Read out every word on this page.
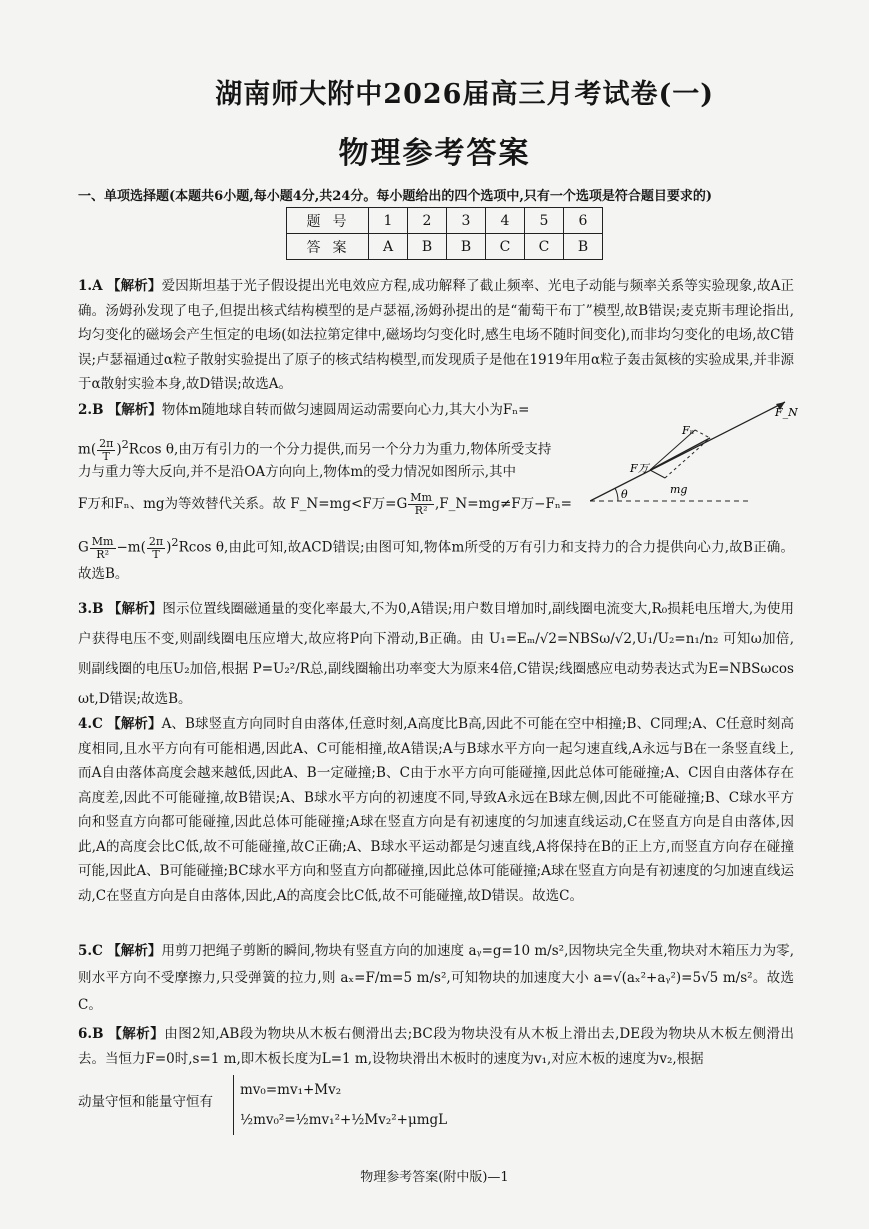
湖南师大附中2026届高三月考试卷(一)
物理参考答案
一、单项选择题(本题共6小题,每小题4分,共24分。每小题给出的四个选项中,只有一个选项是符合题目要求的)
题号	1	2	3	4	5	6
答案	A	B	B	C	C	B
1.A 【解析】爱因斯坦基于光子假设提出光电效应方程,成功解释了截止频率、光电子动能与频率关系等实验现象,故A正确。汤姆孙发现了电子,但提出核式结构模型的是卢瑟福,汤姆孙提出的是“葡萄干布丁”模型,故B错误;麦克斯韦理论指出,均匀变化的磁场会产生恒定的电场(如法拉第定律中,磁场均匀变化时,感生电场不随时间变化),而非均匀变化的电场,故C错误;卢瑟福通过α粒子散射实验提出了原子的核式结构模型,而发现质子是他在1919年用α粒子轰击氮核的实验成果,并非源于α散射实验本身,故D错误;故选A。
2.B 【解析】物体m随地球自转而做匀速圆周运动需要向心力,其大小为Fₙ=
$m( \frac{2\pi}{T} )^2Rcos$ θ,由万有引力的一个分力提供,而另一个分力为重力,物体所受支持
力与重力等大反向,并不是沿OA方向向上,物体m的受力情况如图所示,其中
F万和Fₙ、mg为等效替代关系。故 F_N=mg<F万$=G \frac{Mm}{\text{R²}}$ ,F_N=mg≠F万−Fₙ=
G $\frac{Mm}{\text{R²}} -m( \frac{2\pi}{T} )^2Rcos$ θ,由此可知,故ACD错误;由图可知,物体m所受的万有引力和支持力的合力提供向心力,故B正确。故选B。
F_N
Fₙ
F万
mg
θ
3.B 【解析】图示位置线圈磁通量的变化率最大,不为0,A错误;用户数目增加时,副线圈电流变大,R₀损耗电压增大,为使用户获得电压不变,则副线圈电压应增大,故应将P向下滑动,B正确。由 U₁=Eₘ/√2=NBSω/√2,U₁/U₂=n₁/n₂ 可知ω加倍,则副线圈的电压U₂加倍,根据 P=U₂²/R总,副线圈输出功率变大为原来4倍,C错误;线圈感应电动势表达式为E=NBSωcos ωt,D错误;故选B。
4.C 【解析】A、B球竖直方向同时自由落体,任意时刻,A高度比B高,因此不可能在空中相撞;B、C同理;A、C任意时刻高度相同,且水平方向有可能相遇,因此A、C可能相撞,故A错误;A与B球水平方向一起匀速直线,A永远与B在一条竖直线上,而A自由落体高度会越来越低,因此A、B一定碰撞;B、C由于水平方向可能碰撞,因此总体可能碰撞;A、C因自由落体存在高度差,因此不可能碰撞,故B错误;A、B球水平方向的初速度不同,导致A永远在B球左侧,因此不可能碰撞;B、C球水平方向和竖直方向都可能碰撞,因此总体可能碰撞;A球在竖直方向是有初速度的匀加速直线运动,C在竖直方向是自由落体,因此,A的高度会比C低,故不可能碰撞,故C正确;A、B球水平运动都是匀速直线,A将保持在B的正上方,而竖直方向存在碰撞可能,因此A、B可能碰撞;BC球水平方向和竖直方向都碰撞,因此总体可能碰撞;A球在竖直方向是有初速度的匀加速直线运动,C在竖直方向是自由落体,因此,A的高度会比C低,故不可能碰撞,故D错误。故选C。
5.C 【解析】用剪刀把绳子剪断的瞬间,物块有竖直方向的加速度 aᵧ=g=10 m/s²,因物块完全失重,物块对木箱压力为零,则水平方向不受摩擦力,只受弹簧的拉力,则 aₓ=F/m=5 m/s²,可知物块的加速度大小 a=√(aₓ²+aᵧ²)=5√5 m/s²。故选C。
6.B 【解析】由图2知,AB段为物块从木板右侧滑出去;BC段为物块没有从木板上滑出去,DE段为物块从木板左侧滑出去。当恒力F=0时,s=1 m,即木板长度为L=1 m,设物块滑出木板时的速度为v₁,对应木板的速度为v₂,根据
动量守恒和能量守恒有
mv₀=mv₁+Mv₂
½mv₀²=½mv₁²+½Mv₂²+μmgL
物理参考答案(附中版)—1
